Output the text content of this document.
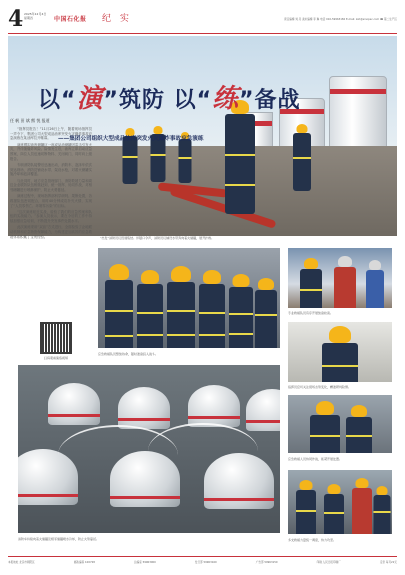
4 2025年12月4日
星期四	中国石化报 纪 实	责任编辑 刘 丹 美术编辑 李 琳 电话 010-59963182 E-mail: zsh@sinopec.com ☎ 第二生产区
以“演”筑防 以“练”备战
——集团公司组织大型成品油库突发火灾爆炸事故应急演练
任 帆 田 斌 熊 悦 报道

“指挥员报告！”11月26日上午，随着现场指挥员一声令下，集团公司大型成品油库突发火灾爆炸事故应急演练在某油库拉开帷幕。

演练模拟油库储罐区一座成品油储罐因雷击引发火灾，并伴随爆炸风险。险情发生后，油库立即启动应急预案，岗位人员迅速切断物料、关闭阀门，同时向上级报告。

专职消防队接警后迅速出动，消防车、泡沫车依次到达现场，消防员铺设水带、架设水枪，对着火储罐实施冷却和泡沫覆盖。

与此同时，地方应急管理部门、消防救援力量和周边企业联防队伍相继赶到，统一指挥、协同作战，对相邻储罐进行喷淋保护，防止火势蔓延。

演练过程中，现场指挥部科学研判、果断处置，各救援队伍密切配合，用时40分钟成功扑灭火情，实现了“人员零伤亡、环境零污染”的目标。

“这次演练贴近实战，检验了我们的应急预案和队伍的实战能力。”参演人员表示，要在今后的工作中持续加强应急培训，不断提升突发事件处置水平。

此次演练采用“双盲”方式进行，全面检验了企地联动机制和应急物资保障能力，为构建更加高效的应急救援体系积累了宝贵经验。

扫码观看演练视频
“出发”消防员们迅速集结。伴随口令声，消防员们铺设水带奔向着火储罐，展开扑救。
应急救援队员整装待命，随时准备投入战斗。
专业救援队员有序开展装备检查。
指挥员密切关注现场态势变化，精准研判险情。
应急救援人员协同作战，抓紧开展处置。
多支救援力量统一调度，协力攻坚。
消防车持续向着火储罐及相邻储罐喷水冷却，防止火势蔓延。
本报地址 北京市朝阳区	邮政编码 100728	总编室 59963000	发行部 59963160	广告部 59963150	印刷 人民日报印刷厂	定价 每月22元
